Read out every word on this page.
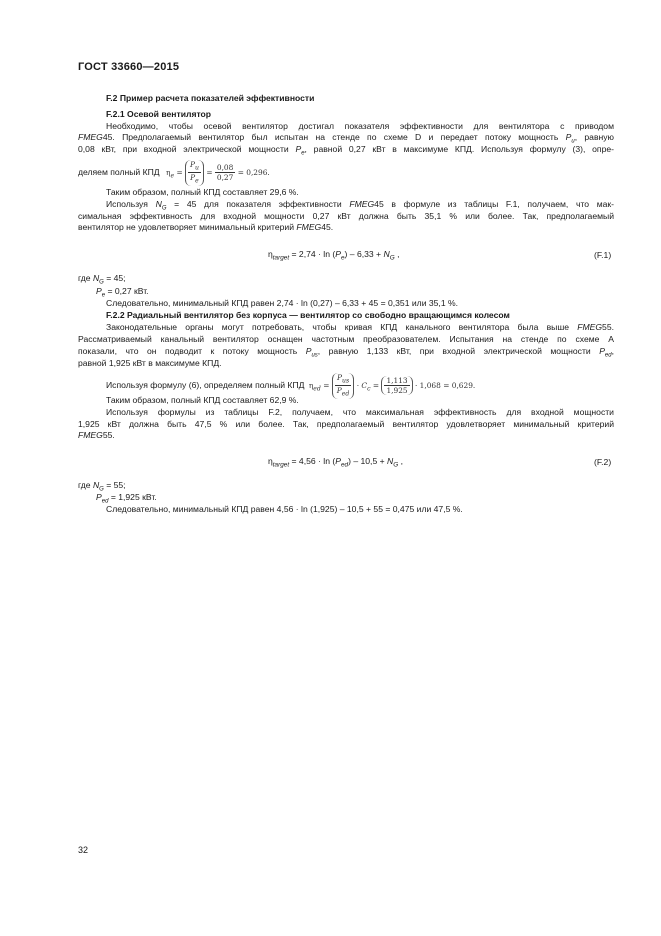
ГОСТ 33660—2015
F.2 Пример расчета показателей эффективности
F.2.1 Осевой вентилятор
Необходимо, чтобы осевой вентилятор достигал показателя эффективности для вентилятора с приводом
FMEG45. Предполагаемый вентилятор был испытан на стенде по схеме D и передает потоку мощность $P_u$, равную
0,08 кВт, при входной электрической мощности $P_e$, равной 0,27 кВт в максимуме КПД. Используя формулу (3), опре-
деляем полный КПД $\eta_e = \frac{P_u}{P_e} = \frac{0,08}{0,27} = 0,296$.
Таким образом, полный КПД составляет 29,6 %.
Используя $N_G = 45$ для показателя эффективности FMEG45 в формуле из таблицы F.1, получаем, что мак-
симальная эффективность для входной мощности 0,27 кВт должна быть 35,1 % или более. Так, предполагаемый
вентилятор не удовлетворяет минимальный критерий FMEG45.
$\eta_{target} = 2,74 \cdot \ln (P_e) - 6,33 + N_G$ ,	(F.1)
где $N_G = 45$;
$P_e = 0,27$ кВт.
Следовательно, минимальный КПД равен 2,74 · ln (0,27) – 6,33 + 45 = 0,351 или 35,1 %.
F.2.2 Радиальный вентилятор без корпуса — вентилятор со свободно вращающимся колесом
Законодательные органы могут потребовать, чтобы кривая КПД канального вентилятора была выше FMEG55.
Рассматриваемый канальный вентилятор оснащен частотным преобразователем. Испытания на стенде по схеме А
показали, что он подводит к потоку мощность $P_{us}$, равную 1,133 кВт, при входной электрической мощности $P_{ed}$,
равной 1,925 кВт в максимуме КПД.
Используя формулу (6), определяем полный КПД $\eta_{ed} = \frac{P_{us}}{P_{ed}} \cdot C_c = \frac{1,113}{1,925} \cdot 1,068 = 0,629$.
Таким образом, полный КПД составляет 62,9 %.
Используя формулы из таблицы F.2, получаем, что максимальная эффективность для входной мощности
1,925 кВт должна быть 47,5 % или более. Так, предполагаемый вентилятор удовлетворяет минимальный критерий
FMEG55.
$\eta_{target} = 4,56 \cdot \ln (P_{ed}) - 10,5 + N_G$ ,	(F.2)
где $N_G = 55$;
$P_{ed} = 1,925$ кВт.
Следовательно, минимальный КПД равен 4,56 · ln (1,925) – 10,5 + 55 = 0,475 или 47,5 %.
32
